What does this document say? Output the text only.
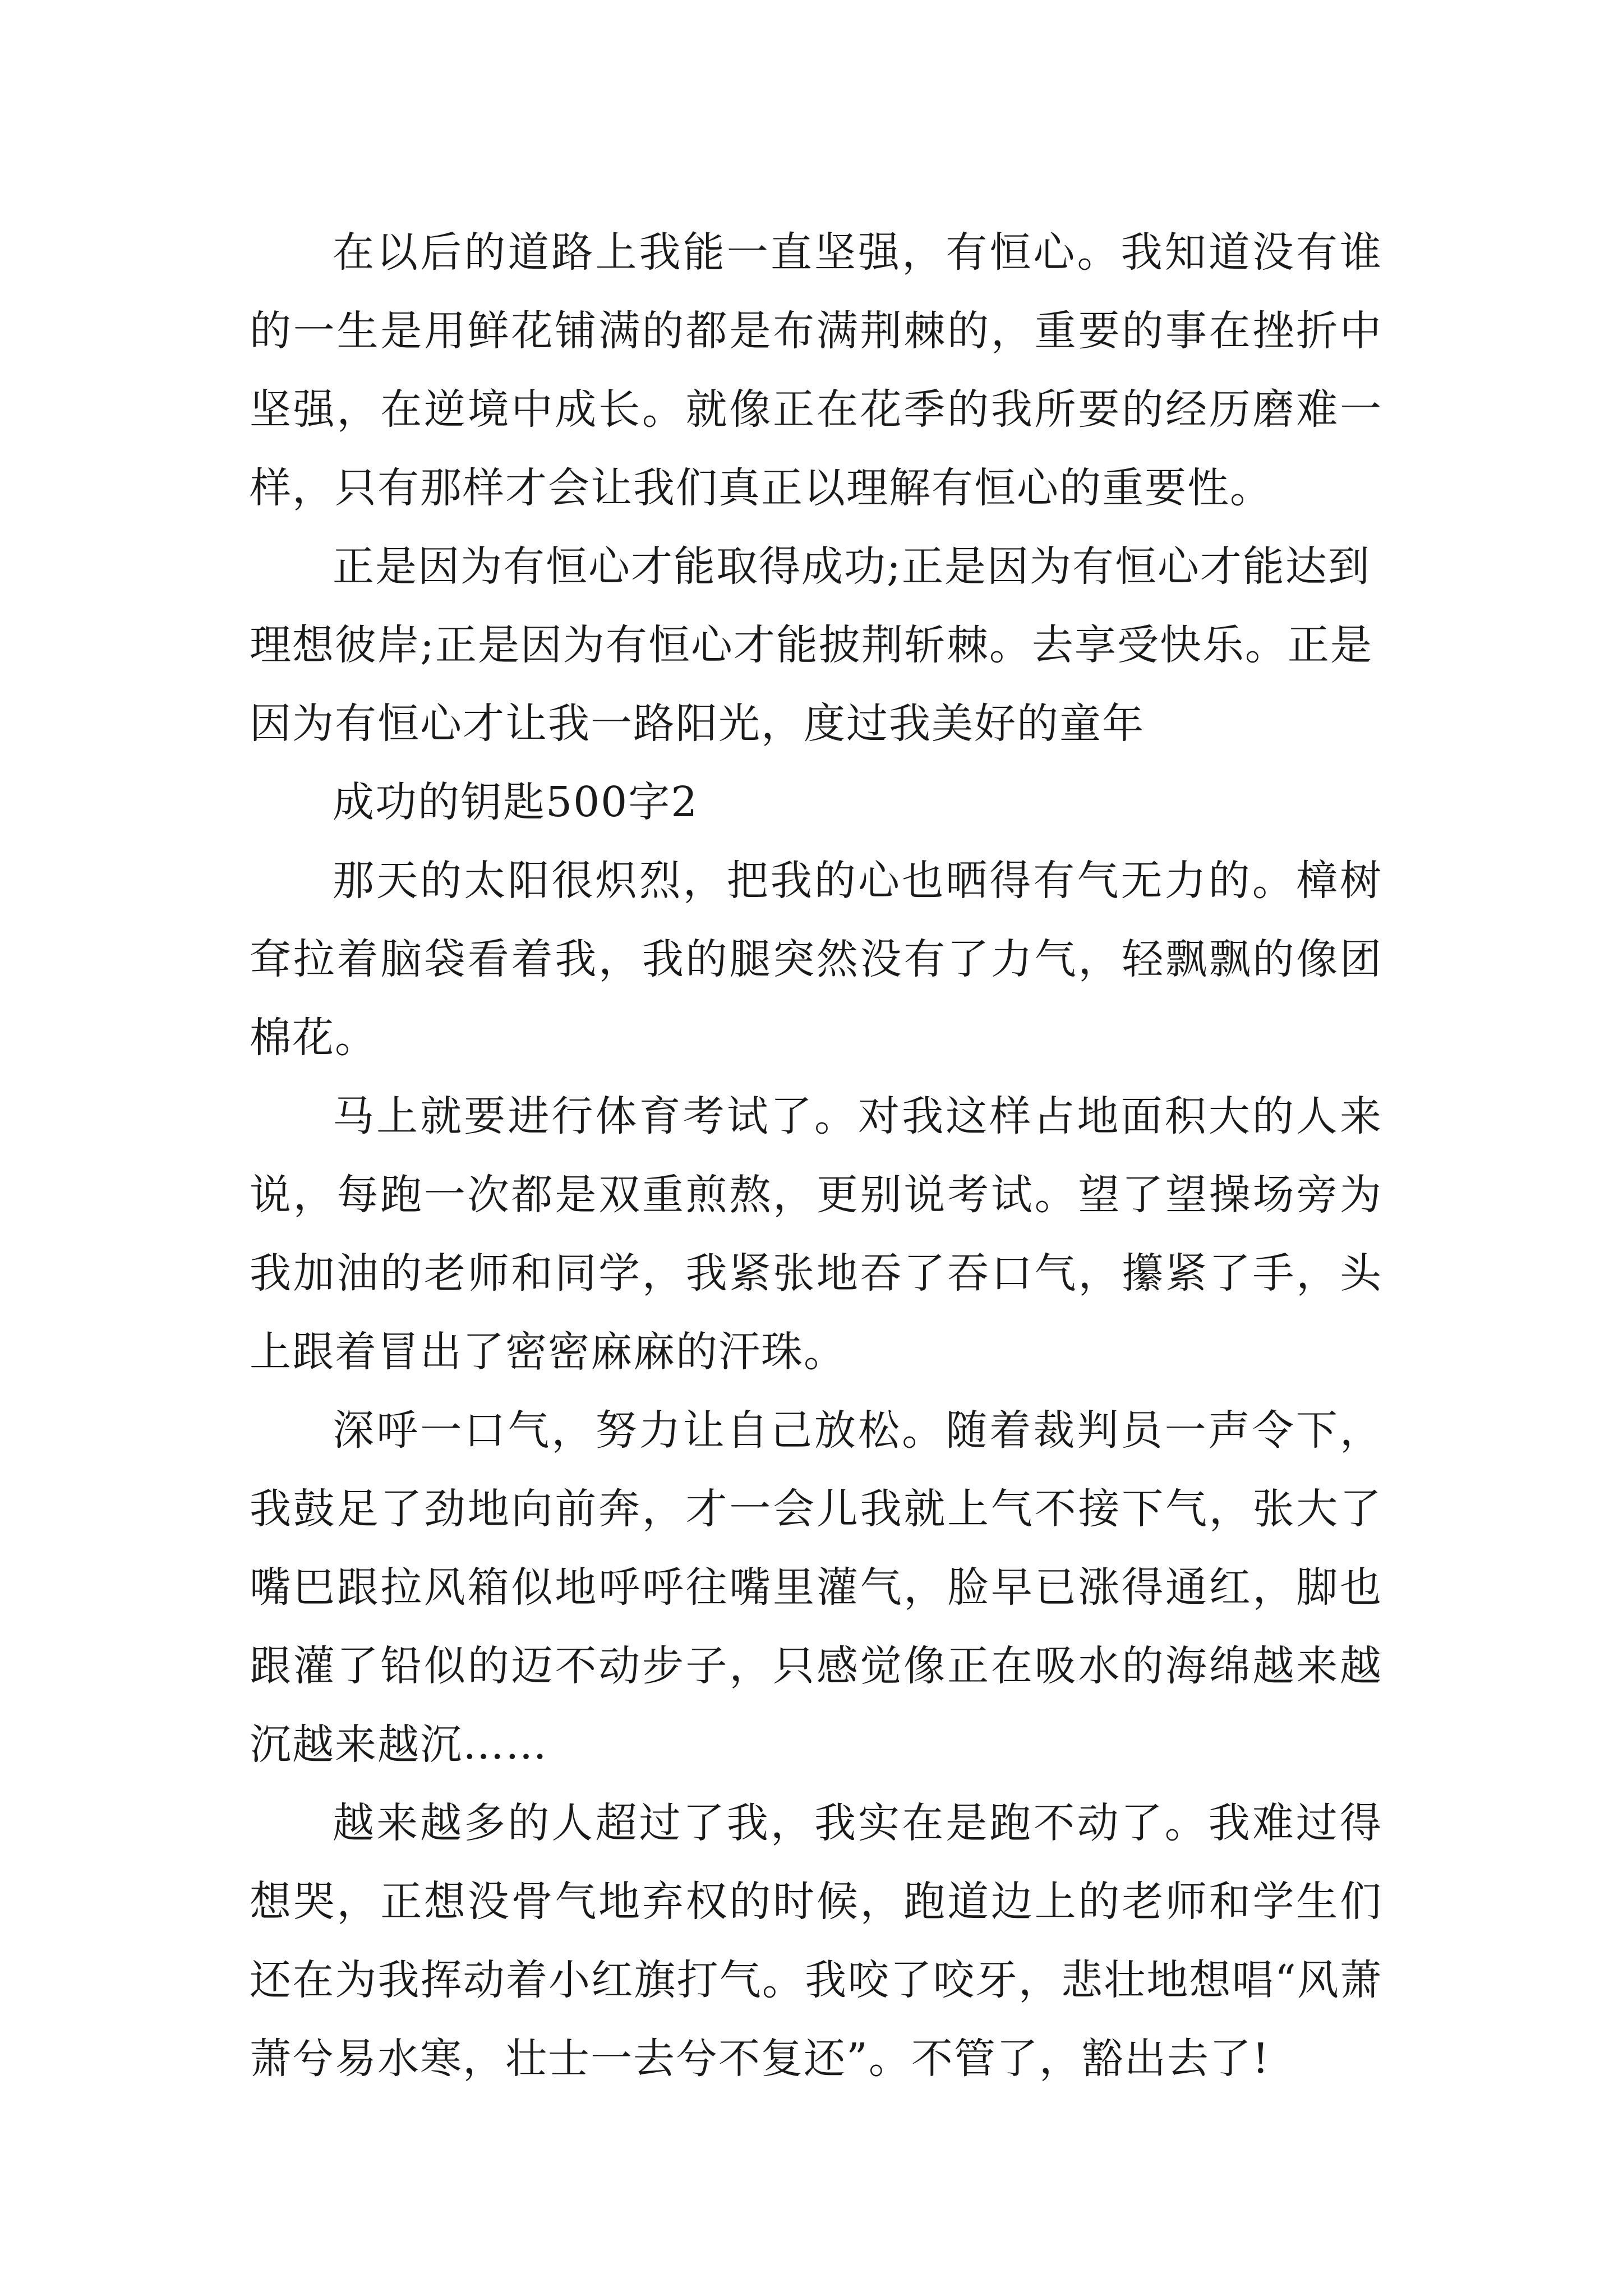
在以后的道路上我能一直坚强，有恒心。我知道没有谁的一生是用鲜花铺满的都是布满荆棘的，重要的事在挫折中坚强，在逆境中成长。就像正在花季的我所要的经历磨难一样，只有那样才会让我们真正以理解有恒心的重要性。

正是因为有恒心才能取得成功;正是因为有恒心才能达到理想彼岸;正是因为有恒心才能披荆斩棘。去享受快乐。正是因为有恒心才让我一路阳光，度过我美好的童年

成功的钥匙500字2

那天的太阳很炽烈，把我的心也晒得有气无力的。樟树耷拉着脑袋看着我，我的腿突然没有了力气，轻飘飘的像团棉花。

马上就要进行体育考试了。对我这样占地面积大的人来说，每跑一次都是双重煎熬，更别说考试。望了望操场旁为我加油的老师和同学，我紧张地吞了吞口气，攥紧了手，头上跟着冒出了密密麻麻的汗珠。

深呼一口气，努力让自己放松。随着裁判员一声令下，我鼓足了劲地向前奔，才一会儿我就上气不接下气，张大了嘴巴跟拉风箱似地呼呼往嘴里灌气，脸早已涨得通红，脚也跟灌了铅似的迈不动步子，只感觉像正在吸水的海绵越来越沉越来越沉……

越来越多的人超过了我，我实在是跑不动了。我难过得想哭，正想没骨气地弃权的时候，跑道边上的老师和学生们还在为我挥动着小红旗打气。我咬了咬牙，悲壮地想唱“风萧萧兮易水寒，壮士一去兮不复还”。不管了，豁出去了!
